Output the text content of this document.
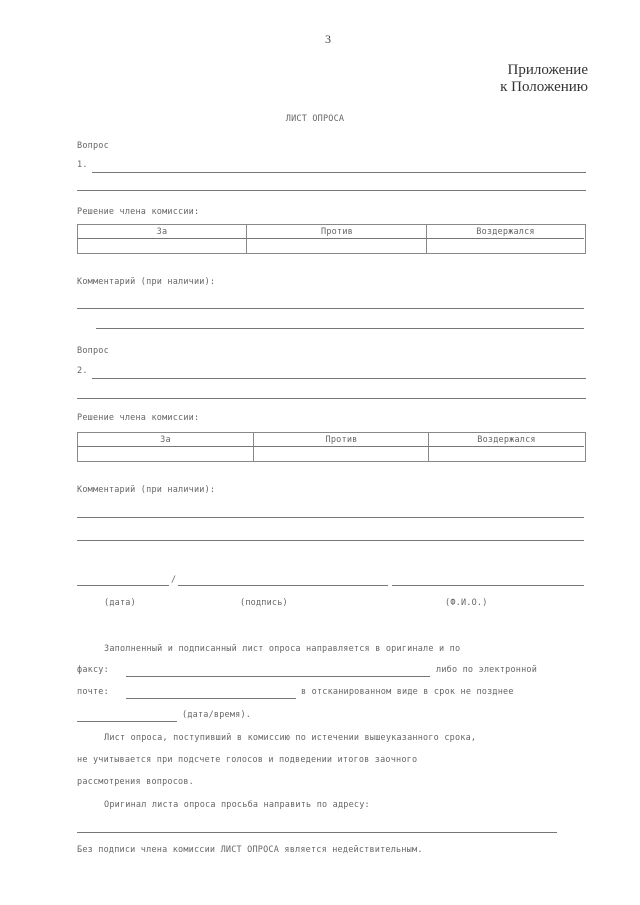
3
Приложение
к Положению
ЛИСТ ОПРОСА
Вопрос
1.
Решение члена комиссии:
За	Против	Воздержался
Комментарий (при наличии):
Вопрос
2.
Решение члена комиссии:
За	Против	Воздержался
Комментарий (при наличии):
/
(дата)	(подпись)	(Ф.И.О.)
Заполненный и подписанный лист опроса направляется в оригинале и по
факсу:	либо по электронной
почте:	в отсканированном виде в срок не позднее
(дата/время).
Лист опроса, поступивший в комиссию по истечении вышеуказанного срока,
не учитывается при подсчете голосов и подведении итогов заочного
рассмотрения вопросов.
Оригинал листа опроса просьба направить по адресу:
Без подписи члена комиссии ЛИСТ ОПРОСА является недействительным.
